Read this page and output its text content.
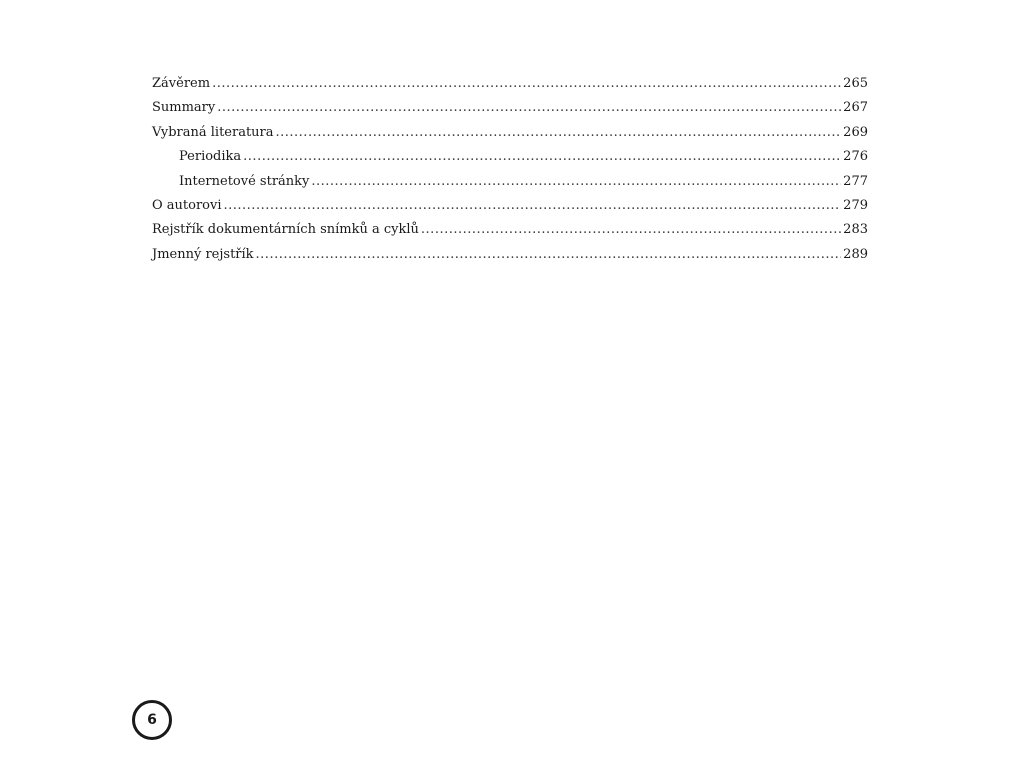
Závěrem .....	265
Summary .....	267
Vybraná literatura .....	269
Periodika .....	276
Internetové stránky .....	277
O autorovi .....	279
Rejstřík dokumentárních snímků a cyklů .....	283
Jmenný rejstřík .....	289
6
